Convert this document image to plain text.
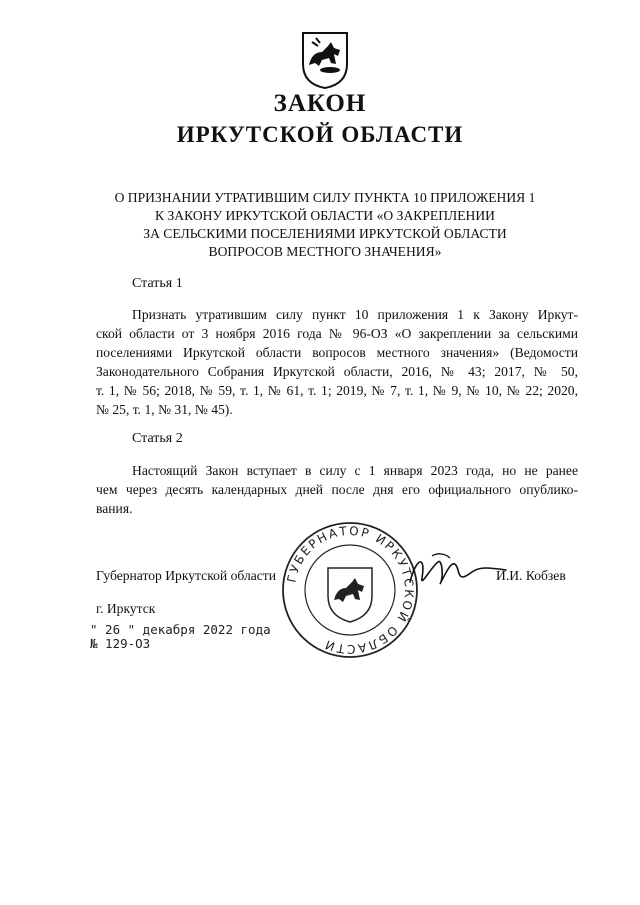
ЗАКОН
ИРКУТСКОЙ ОБЛАСТИ
О ПРИЗНАНИИ УТРАТИВШИМ СИЛУ ПУНКТА 10 ПРИЛОЖЕНИЯ 1
К ЗАКОНУ ИРКУТСКОЙ ОБЛАСТИ «О ЗАКРЕПЛЕНИИ
ЗА СЕЛЬСКИМИ ПОСЕЛЕНИЯМИ ИРКУТСКОЙ ОБЛАСТИ
ВОПРОСОВ МЕСТНОГО ЗНАЧЕНИЯ»
Статья 1
Признать утратившим силу пункт 10 приложения 1 к Закону Иркут-
ской области от 3 ноября 2016 года № 96-ОЗ «О закреплении за сельскими
поселениями Иркутской области вопросов местного значения» (Ведомости
Законодательного Собрания Иркутской области, 2016, № 43; 2017, № 50,
т. 1, № 56; 2018, № 59, т. 1, № 61, т. 1; 2019, № 7, т. 1, № 9, № 10, № 22; 2020,
№ 25, т. 1, № 31, № 45).
Статья 2
Настоящий Закон вступает в силу с 1 января 2023 года, но не ранее
чем через десять календарных дней после дня его официального опублико-
вания.
ГУБЕРНАТОР ИРКУТСКОЙ ОБЛАСТИ
Губернатор Иркутской области	И.И. Кобзев
г. Иркутск
" 26 " декабря 2022 года
№ 129-ОЗ
